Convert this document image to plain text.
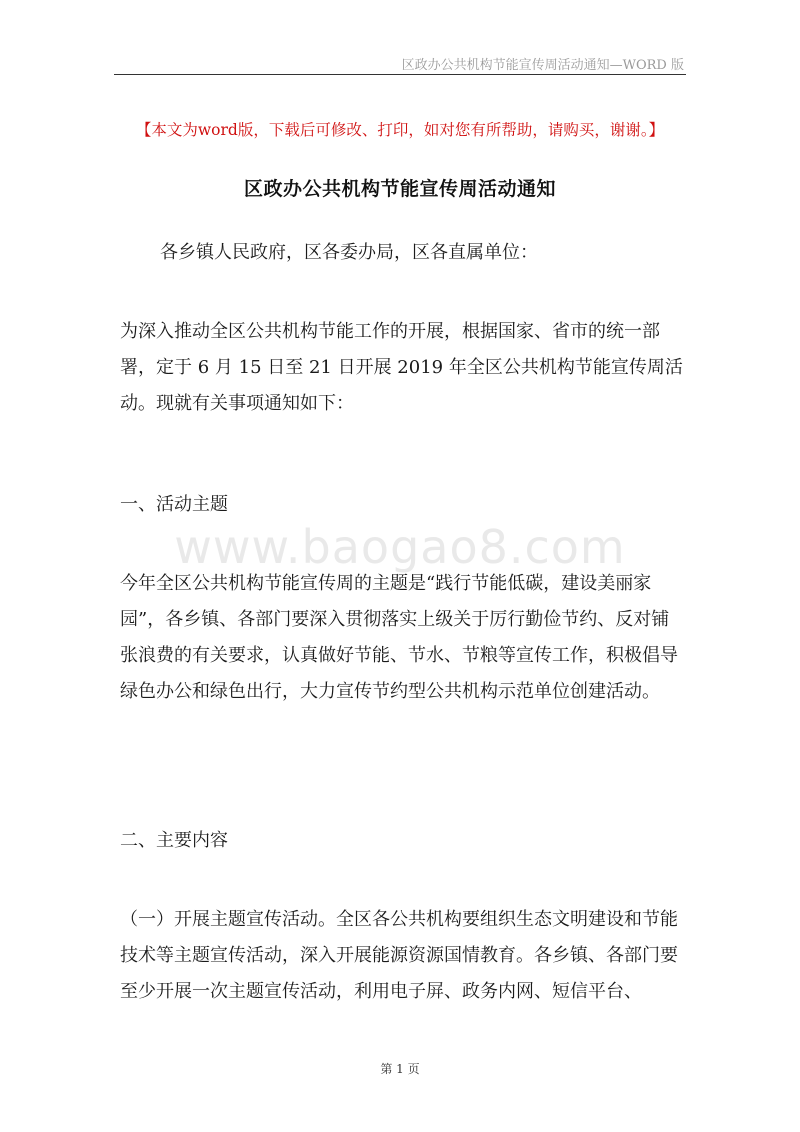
区政办公共机构节能宣传周活动通知—WORD 版
【本文为word版，下载后可修改、打印，如对您有所帮助，请购买，谢谢。】
区政办公共机构节能宣传周活动通知
各乡镇人民政府，区各委办局，区各直属单位：
为深入推动全区公共机构节能工作的开展，根据国家、省市的统一部署，定于 6 月 15 日至 21 日开展 2019 年全区公共机构节能宣传周活动。现就有关事项通知如下：
一、活动主题
www.baogao8.com
今年全区公共机构节能宣传周的主题是“践行节能低碳，建设美丽家园”，各乡镇、各部门要深入贯彻落实上级关于厉行勤俭节约、反对铺张浪费的有关要求，认真做好节能、节水、节粮等宣传工作，积极倡导绿色办公和绿色出行，大力宣传节约型公共机构示范单位创建活动。
二、主要内容
（一）开展主题宣传活动。全区各公共机构要组织生态文明建设和节能技术等主题宣传活动，深入开展能源资源国情教育。各乡镇、各部门要至少开展一次主题宣传活动，利用电子屏、政务内网、短信平台、
第 1 页
